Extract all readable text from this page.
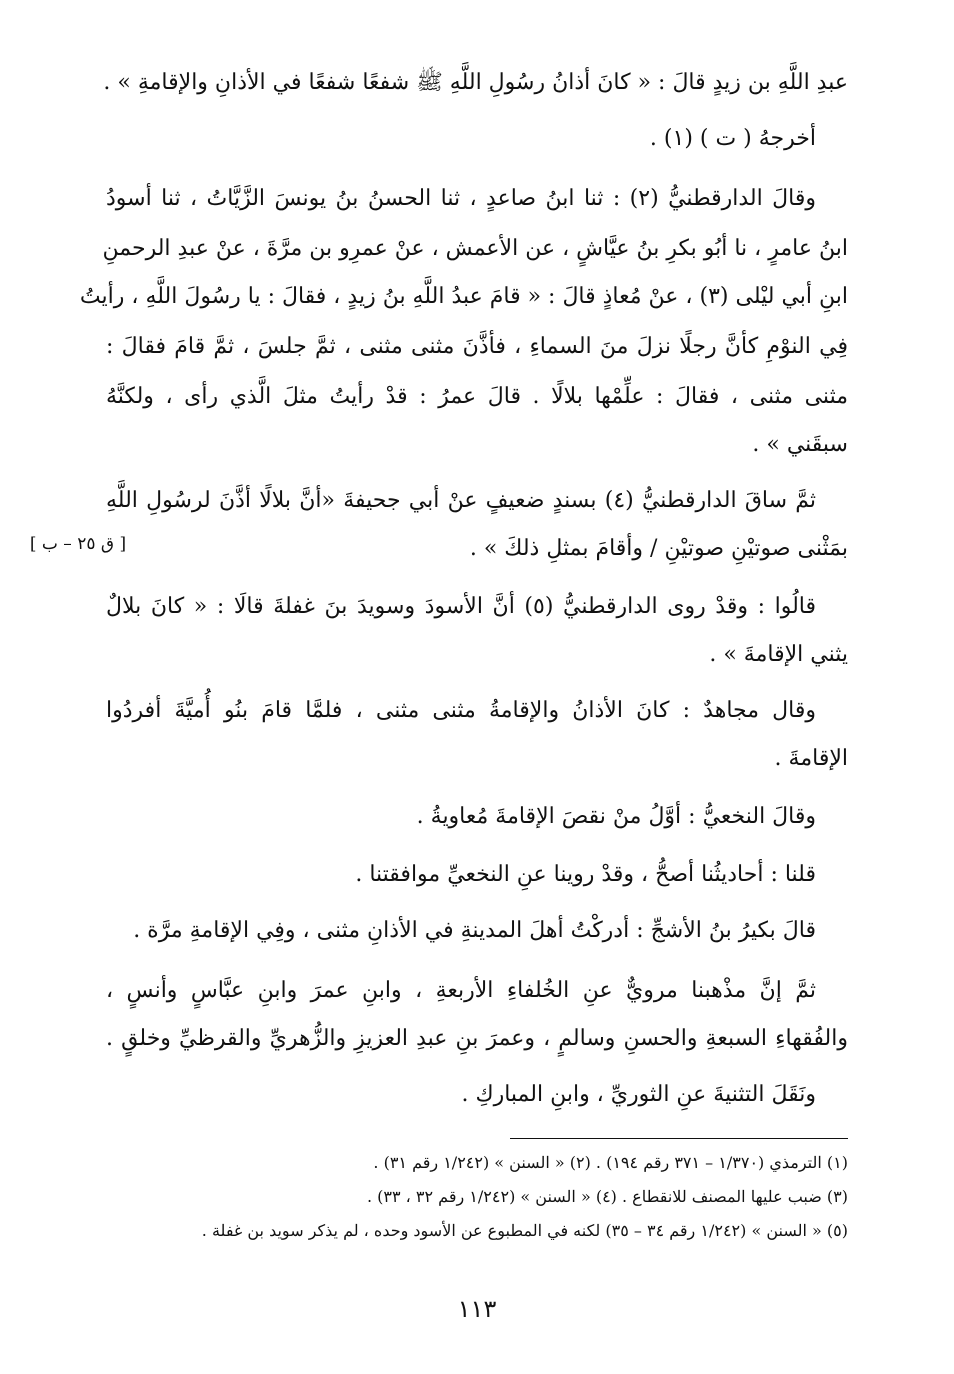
عبدِ اللَّهِ بن زيدٍ قالَ : « كانَ أذانُ رسُولِ اللَّهِ ﷺ شفعًا شفعًا في الأذانِ والإقامةِ » .
أخرجهُ ( ت ) (١) .
وقالَ الدارقطنيُّ (٢) : ثنا ابنُ صاعدٍ ، ثنا الحسنُ بنُ يونسَ الزَّيَّاتُ ، ثنا أسودُ
ابنُ عامرٍ ، نا أبُو بكرِ بنُ عيَّاشٍ ، عن الأعمش ، عنْ عمرِو بن مرَّةَ ، عنْ عبدِ الرحمنِ
ابنِ أبي ليْلى (٣) ، عنْ مُعاذٍ قالَ : « قامَ عبدُ اللَّهِ بنُ زيدٍ ، فقالَ : يا رسُولَ اللَّهِ ، رأيتُ
فِي النوْمِ كأنَّ رجلًا نزلَ منَ السماءِ ، فأذَّنَ مثنى مثنى ، ثمَّ جلسَ ، ثمَّ قامَ فقالَ :
مثنى مثنى ، فقالَ : علِّمْها بلالًا . قالَ عمرُ : قدْ رأيتُ مثلَ الَّذي رأى ، ولكنَّهُ
سبقَني » .
ثمَّ ساقَ الدارقطنيُّ (٤) بسندٍ ضعيفٍ عنْ أبي جحيفةَ «أنَّ بلالًا أذَّنَ لرسُولِ اللَّهِ
بمَثْنى صوتيْنِ صوتيْنِ / وأقامَ بمثلِ ذلكَ » .
[ ق ٢٥ – ب ]
قالُوا : وقدْ روى الدارقطنيُّ (٥) أنَّ الأسودَ وسويدَ بنَ غفلةَ قالَا : « كانَ بلالٌ
يثني الإقامةَ » .
وقال مجاهدٌ : كانَ الأذانُ والإقامةُ مثنى مثنى ، فلمَّا قامَ بنُو أُميَّةَ أفردُوا
الإقامةَ .
وقالَ النخعيُّ : أوَّلُ منْ نقصَ الإقامةَ مُعاويةُ .
قلنا : أحاديثُنا أصحُّ ، وقدْ روينا عنِ النخعيِّ موافقتنا .
قالَ بكيرُ بنُ الأشجِّ : أدركْتُ أهلَ المدينةِ في الأذانِ مثنى ، وفِي الإقامةِ مرَّة .
ثمَّ إنَّ مذْهبنا مرويٌّ عنِ الخُلفاءِ الأربعةِ ، وابنِ عمرَ وابنِ عبَّاسٍ وأنسٍ ،
والفُقهاءِ السبعةِ والحسنِ وسالمٍ ، وعمرَ بنِ عبدِ العزيزِ والزُّهريِّ والقرظيِّ وخلقٍ .
ونَقَلَ التثنيةَ عنِ الثوريِّ ، وابنِ المباركِ .
(١) الترمذي (١/٣٧٠ – ٣٧١ رقم ١٩٤) . (٢) « السنن » (١/٢٤٢ رقم ٣١) .
(٣) ضبب عليها المصنف للانقطاع . (٤) « السنن » (١/٢٤٢ رقم ٣٢ ، ٣٣) .
(٥) « السنن » (١/٢٤٢ رقم ٣٤ – ٣٥) لكنه في المطبوع عن الأسود وحده ، لم يذكر سويد بن غفلة .
١١٣
